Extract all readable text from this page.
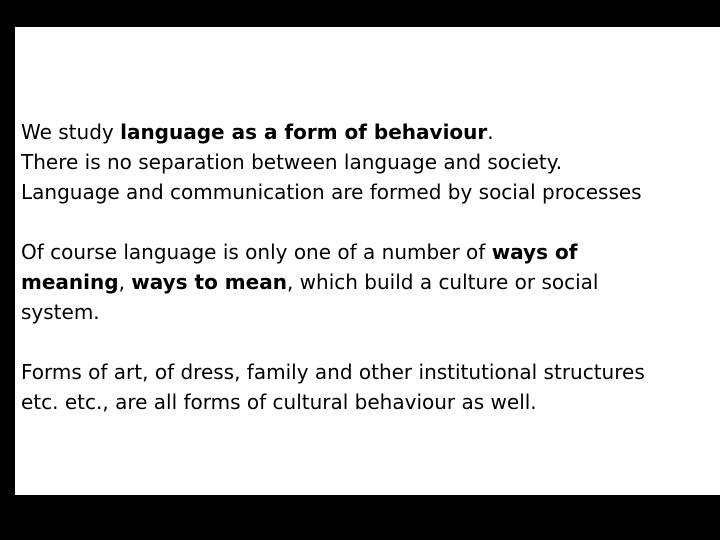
We study language as a form of behaviour.
There is no separation between language and society.
Language and communication are formed by social processes

Of course language is only one of a number of ways of
meaning, ways to mean, which build a culture or social
system.

Forms of art, of dress, family and other institutional structures
etc. etc., are all forms of cultural behaviour as well.
